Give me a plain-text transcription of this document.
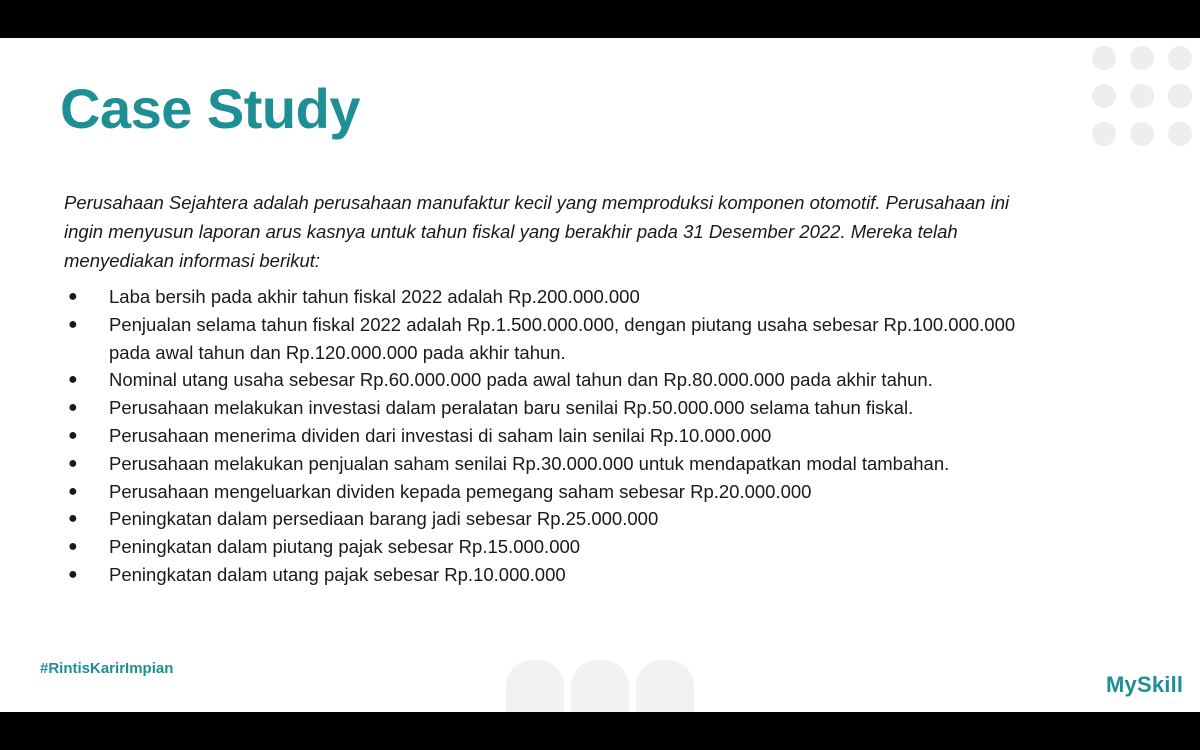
Case Study

Perusahaan Sejahtera adalah perusahaan manufaktur kecil yang memproduksi komponen otomotif. Perusahaan ini ingin menyusun laporan arus kasnya untuk tahun fiskal yang berakhir pada 31 Desember 2022. Mereka telah menyediakan informasi berikut:

● Laba bersih pada akhir tahun fiskal 2022 adalah Rp.200.000.000
● Penjualan selama tahun fiskal 2022 adalah Rp.1.500.000.000, dengan piutang usaha sebesar Rp.100.000.000 pada awal tahun dan Rp.120.000.000 pada akhir tahun.
● Nominal utang usaha sebesar Rp.60.000.000 pada awal tahun dan Rp.80.000.000 pada akhir tahun.
● Perusahaan melakukan investasi dalam peralatan baru senilai Rp.50.000.000 selama tahun fiskal.
● Perusahaan menerima dividen dari investasi di saham lain senilai Rp.10.000.000
● Perusahaan melakukan penjualan saham senilai Rp.30.000.000 untuk mendapatkan modal tambahan.
● Perusahaan mengeluarkan dividen kepada pemegang saham sebesar Rp.20.000.000
● Peningkatan dalam persediaan barang jadi sebesar Rp.25.000.000
● Peningkatan dalam piutang pajak sebesar Rp.15.000.000
● Peningkatan dalam utang pajak sebesar Rp.10.000.000
#RintisKarirImpian
MySkill
